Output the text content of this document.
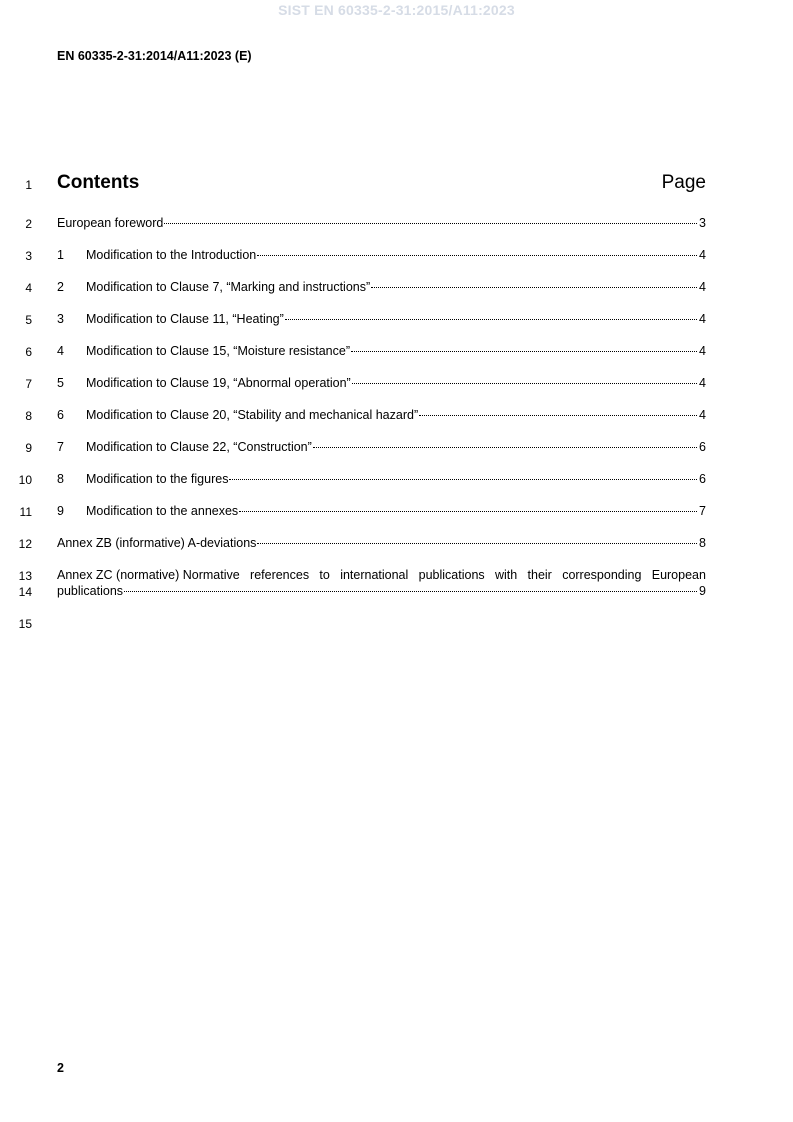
SIST EN 60335-2-31:2015/A11:2023
EN 60335-2-31:2014/A11:2023 (E)
1
2
3
4
5
6
7
8
9
10
11
12
13
14
15
Contents	Page
European foreword	3
1	Modification to the Introduction	4
2	Modification to Clause 7, “Marking and instructions”	4
3	Modification to Clause 11, “Heating”	4
4	Modification to Clause 15, “Moisture resistance”	4
5	Modification to Clause 19, “Abnormal operation”	4
6	Modification to Clause 20, “Stability and mechanical hazard”	4
7	Modification to Clause 22, “Construction”	6
8	Modification to the figures	6
9	Modification to the annexes	7
Annex ZB (informative) A-deviations	8
Annex ZC (normative) Normative references to international publications with their corresponding European
publications	9
2
